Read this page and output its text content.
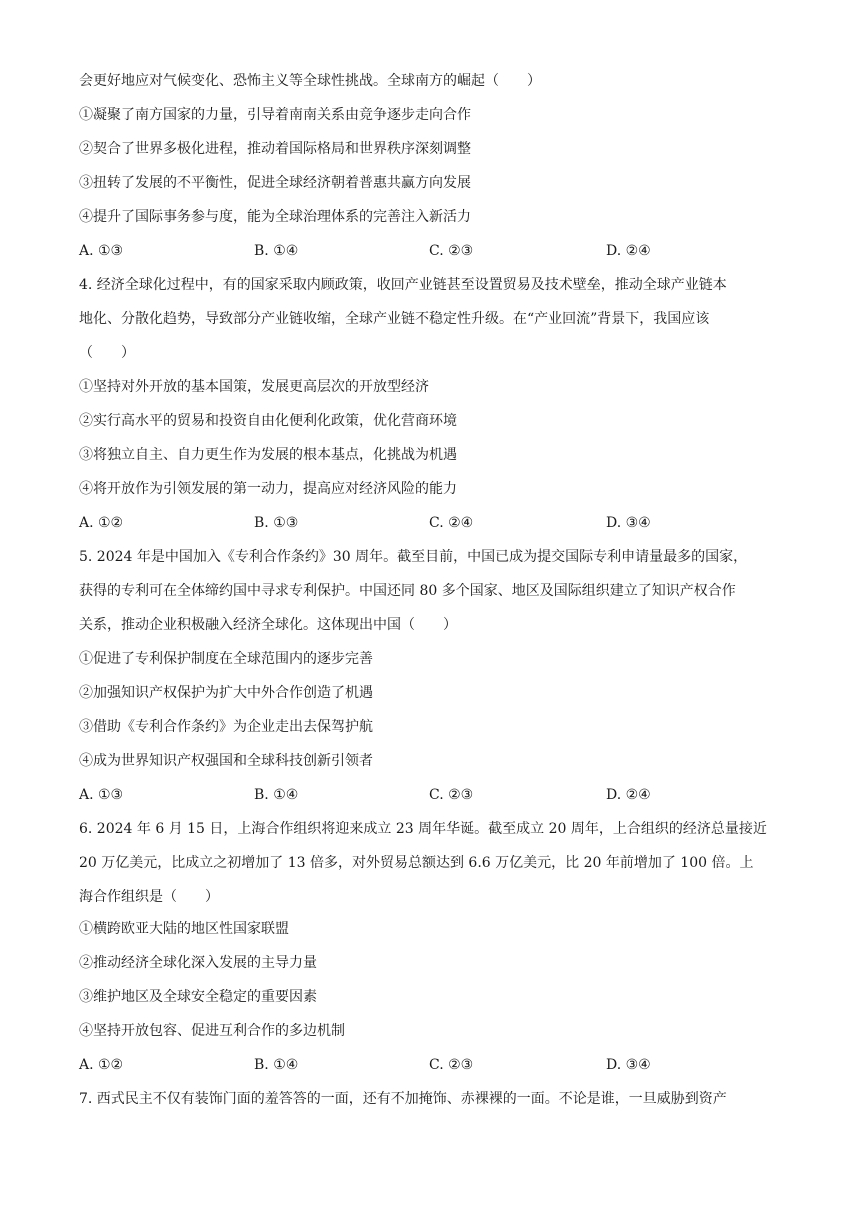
会更好地应对气候变化、恐怖主义等全球性挑战。全球南方的崛起（　　）
①凝聚了南方国家的力量，引导着南南关系由竞争逐步走向合作
②契合了世界多极化进程，推动着国际格局和世界秩序深刻调整
③扭转了发展的不平衡性，促进全球经济朝着普惠共赢方向发展
④提升了国际事务参与度，能为全球治理体系的完善注入新活力
A. ①③	B. ①④	C. ②③	D. ②④
4. 经济全球化过程中，有的国家采取内顾政策，收回产业链甚至设置贸易及技术壁垒，推动全球产业链本
地化、分散化趋势，导致部分产业链收缩，全球产业链不稳定性升级。在“产业回流”背景下，我国应该
（　　）
①坚持对外开放的基本国策，发展更高层次的开放型经济
②实行高水平的贸易和投资自由化便利化政策，优化营商环境
③将独立自主、自力更生作为发展的根本基点，化挑战为机遇
④将开放作为引领发展的第一动力，提高应对经济风险的能力
A. ①②	B. ①③	C. ②④	D. ③④
5. 2024 年是中国加入《专利合作条约》30 周年。截至目前，中国已成为提交国际专利申请量最多的国家，
获得的专利可在全体缔约国中寻求专利保护。中国还同 80 多个国家、地区及国际组织建立了知识产权合作
关系，推动企业积极融入经济全球化。这体现出中国（　　）
①促进了专利保护制度在全球范围内的逐步完善
②加强知识产权保护为扩大中外合作创造了机遇
③借助《专利合作条约》为企业走出去保驾护航
④成为世界知识产权强国和全球科技创新引领者
A. ①③	B. ①④	C. ②③	D. ②④
6. 2024 年 6 月 15 日，上海合作组织将迎来成立 23 周年华诞。截至成立 20 周年，上合组织的经济总量接近
20 万亿美元，比成立之初增加了 13 倍多，对外贸易总额达到 6.6 万亿美元，比 20 年前增加了 100 倍。上
海合作组织是（　　）
①横跨欧亚大陆的地区性国家联盟
②推动经济全球化深入发展的主导力量
③维护地区及全球安全稳定的重要因素
④坚持开放包容、促进互利合作的多边机制
A. ①②	B. ①④	C. ②③	D. ③④
7. 西式民主不仅有装饰门面的羞答答的一面，还有不加掩饰、赤裸裸的一面。不论是谁，一旦威胁到资产
